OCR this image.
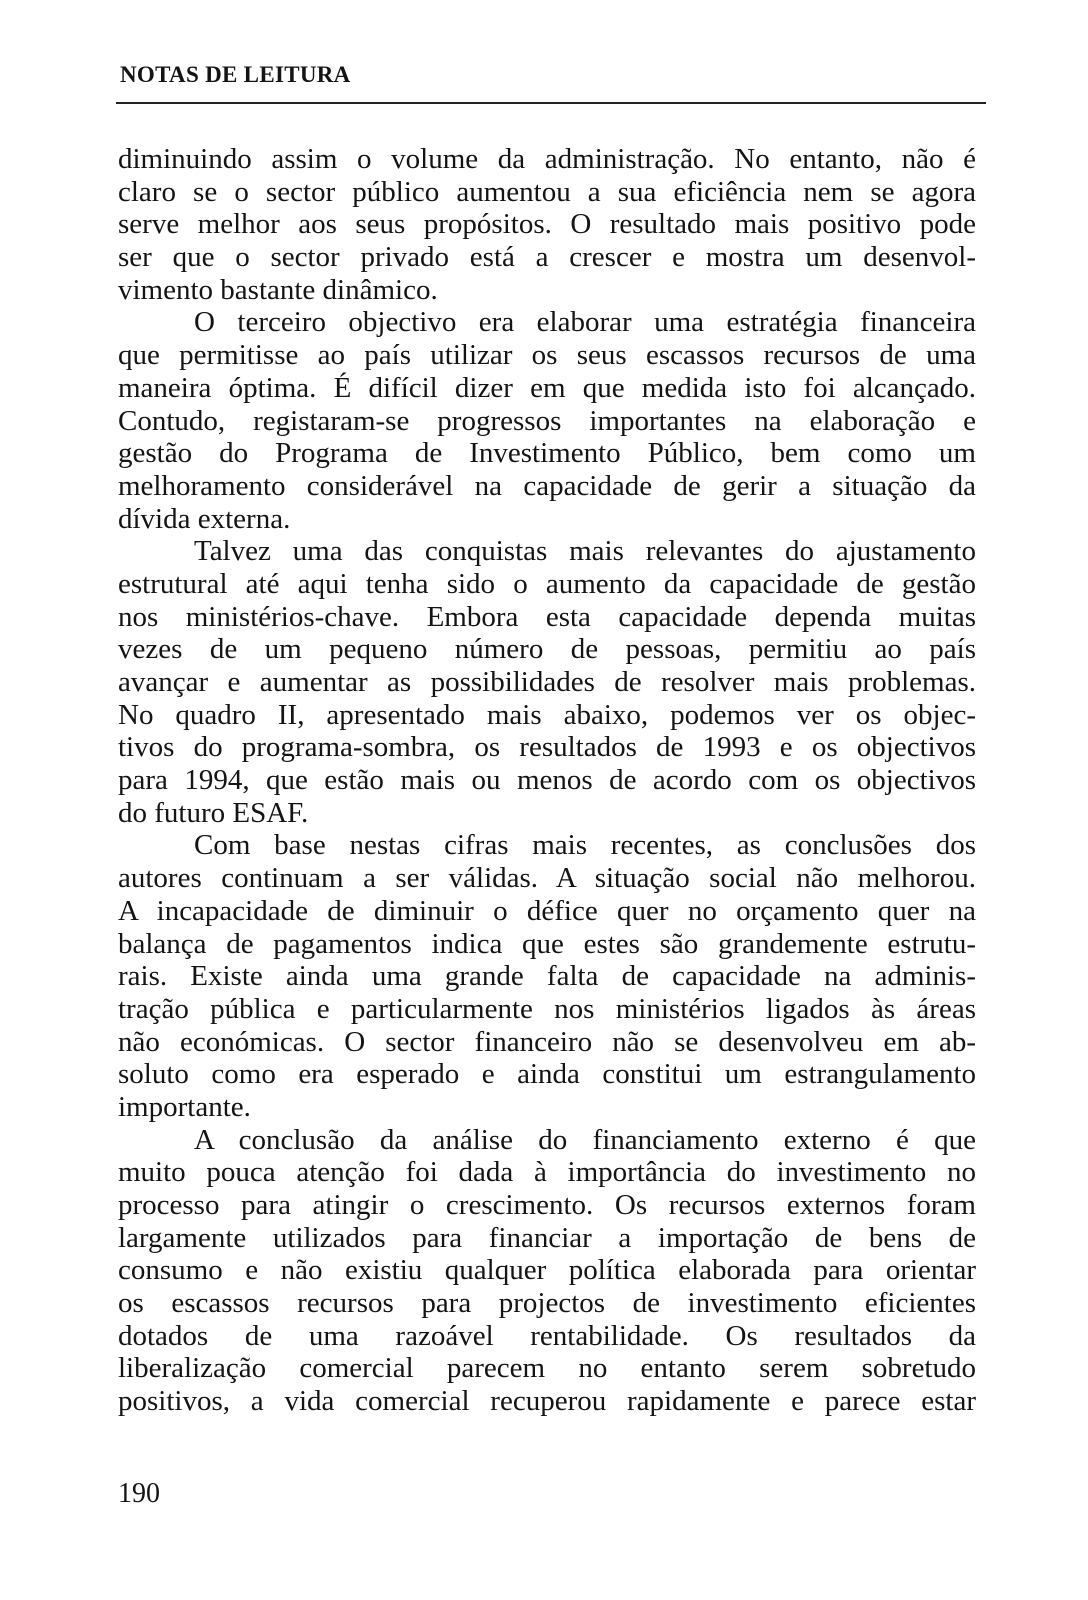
NOTAS DE LEITURA
diminuindo assim o volume da administração. No entanto, não é
claro se o sector público aumentou a sua eficiência nem se agora
serve melhor aos seus propósitos. O resultado mais positivo pode
ser que o sector privado está a crescer e mostra um desenvol-
vimento bastante dinâmico.
O terceiro objectivo era elaborar uma estratégia financeira
que permitisse ao país utilizar os seus escassos recursos de uma
maneira óptima. É difícil dizer em que medida isto foi alcançado.
Contudo, registaram-se progressos importantes na elaboração e
gestão do Programa de Investimento Público, bem como um
melhoramento considerável na capacidade de gerir a situação da
dívida externa.
Talvez uma das conquistas mais relevantes do ajustamento
estrutural até aqui tenha sido o aumento da capacidade de gestão
nos ministérios-chave. Embora esta capacidade dependa muitas
vezes de um pequeno número de pessoas, permitiu ao país
avançar e aumentar as possibilidades de resolver mais problemas.
No quadro II, apresentado mais abaixo, podemos ver os objec-
tivos do programa-sombra, os resultados de 1993 e os objectivos
para 1994, que estão mais ou menos de acordo com os objectivos
do futuro ESAF.
Com base nestas cifras mais recentes, as conclusões dos
autores continuam a ser válidas. A situação social não melhorou.
A incapacidade de diminuir o défice quer no orçamento quer na
balança de pagamentos indica que estes são grandemente estrutu-
rais. Existe ainda uma grande falta de capacidade na adminis-
tração pública e particularmente nos ministérios ligados às áreas
não económicas. O sector financeiro não se desenvolveu em ab-
soluto como era esperado e ainda constitui um estrangulamento
importante.
A conclusão da análise do financiamento externo é que
muito pouca atenção foi dada à importância do investimento no
processo para atingir o crescimento. Os recursos externos foram
largamente utilizados para financiar a importação de bens de
consumo e não existiu qualquer política elaborada para orientar
os escassos recursos para projectos de investimento eficientes
dotados de uma razoável rentabilidade. Os resultados da
liberalização comercial parecem no entanto serem sobretudo
positivos, a vida comercial recuperou rapidamente e parece estar
190
